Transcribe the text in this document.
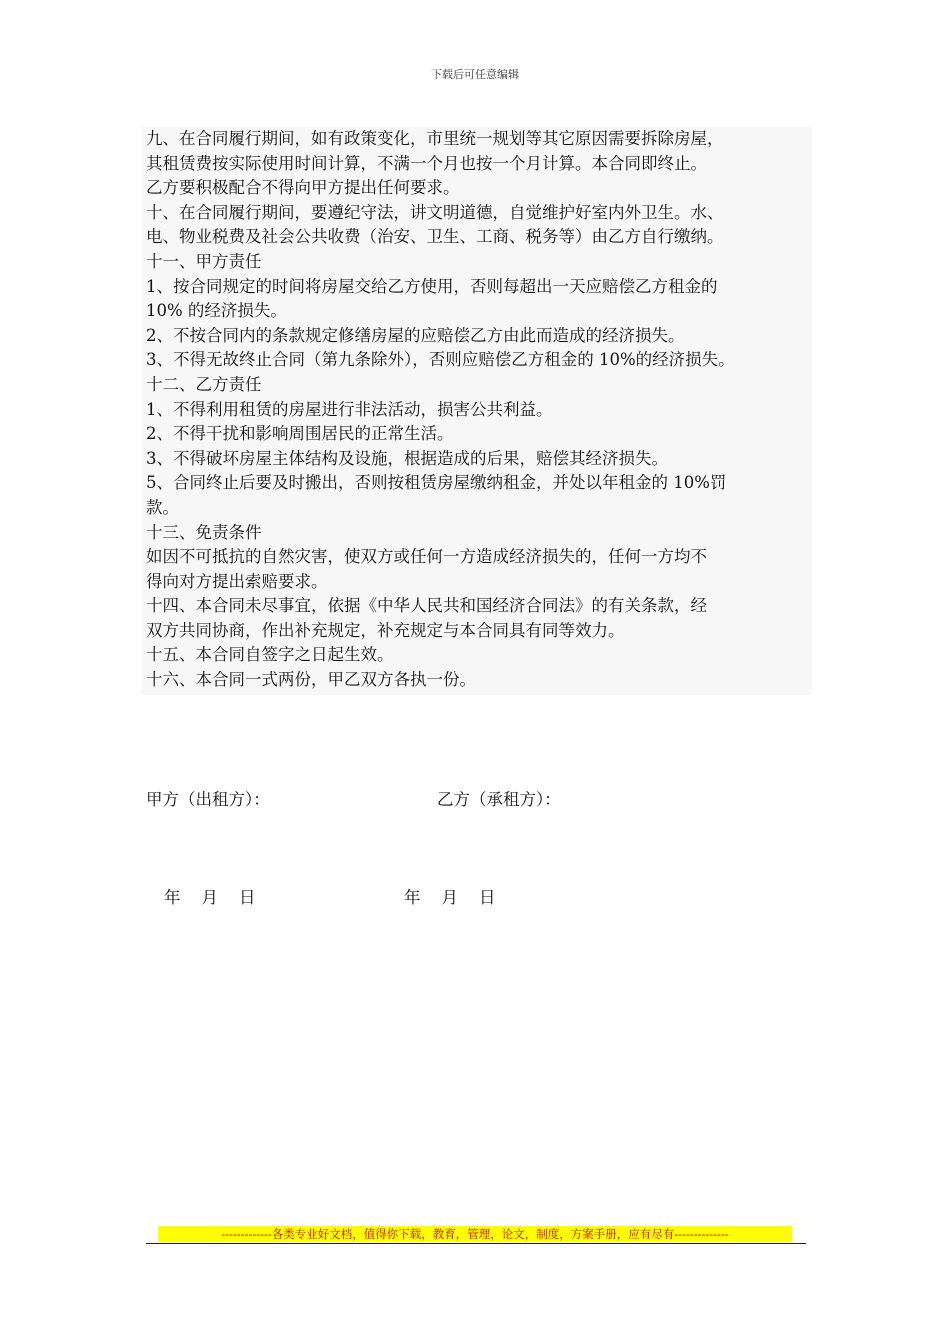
下载后可任意编辑
九、在合同履行期间，如有政策变化，市里统一规划等其它原因需要拆除房屋，
其租赁费按实际使用时间计算，不满一个月也按一个月计算。本合同即终止。
乙方要积极配合不得向甲方提出任何要求。
十、在合同履行期间，要遵纪守法，讲文明道德，自觉维护好室内外卫生。水、
电、物业税费及社会公共收费（治安、卫生、工商、税务等）由乙方自行缴纳。
十一、甲方责任
1、按合同规定的时间将房屋交给乙方使用，否则每超出一天应赔偿乙方租金的
10% 的经济损失。
2、不按合同内的条款规定修缮房屋的应赔偿乙方由此而造成的经济损失。
3、不得无故终止合同（第九条除外），否则应赔偿乙方租金的 10%的经济损失。
十二、乙方责任
1、不得利用租赁的房屋进行非法活动，损害公共利益。
2、不得干扰和影响周围居民的正常生活。
3、不得破坏房屋主体结构及设施，根据造成的后果，赔偿其经济损失。
5、合同终止后要及时搬出，否则按租赁房屋缴纳租金，并处以年租金的 10%罚
款。
十三、免责条件
如因不可抵抗的自然灾害，使双方或任何一方造成经济损失的，任何一方均不
得向对方提出索赔要求。
十四、本合同未尽事宜，依据《中华人民共和国经济合同法》的有关条款，经
双方共同协商，作出补充规定，补充规定与本合同具有同等效力。
十五、本合同自签字之日起生效。
十六、本合同一式两份，甲乙双方各执一份。
甲方（出租方）：	乙方（承租方）：
年    月    日	年    月    日
-------------各类专业好文档，值得你下载，教育，管理，论文，制度，方案手册，应有尽有--------------
